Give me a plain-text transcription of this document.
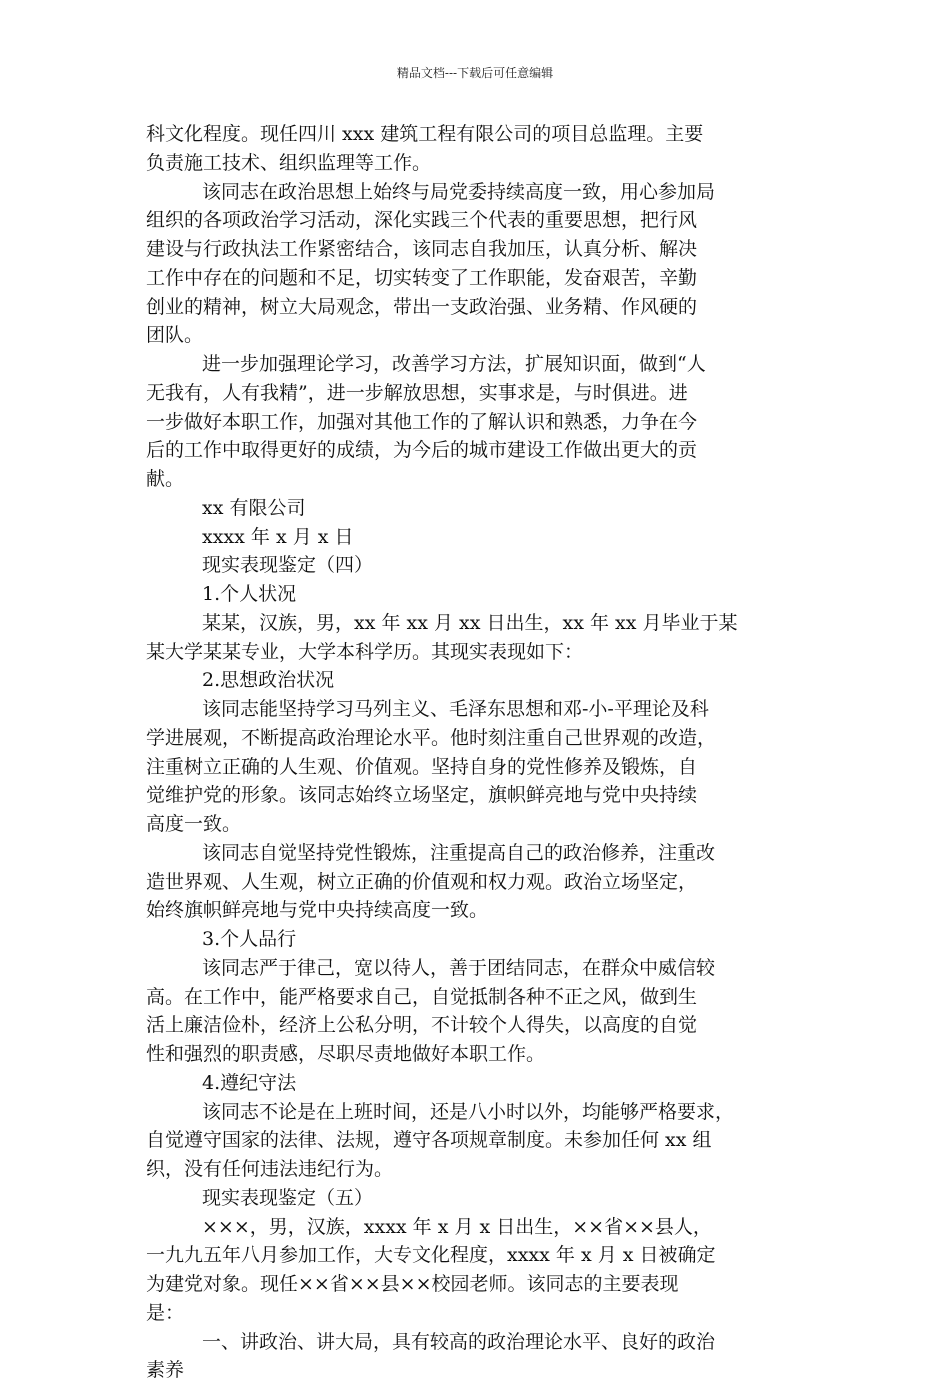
精品文档---下载后可任意编辑
科文化程度。现任四川 xxx 建筑工程有限公司的项目总监理。主要
负责施工技术、组织监理等工作。
该同志在政治思想上始终与局党委持续高度一致，用心参加局
组织的各项政治学习活动，深化实践三个代表的重要思想，把行风
建设与行政执法工作紧密结合，该同志自我加压，认真分析、解决
工作中存在的问题和不足，切实转变了工作职能，发奋艰苦，辛勤
创业的精神，树立大局观念，带出一支政治强、业务精、作风硬的
团队。
进一步加强理论学习，改善学习方法，扩展知识面，做到“人
无我有，人有我精”，进一步解放思想，实事求是，与时俱进。进
一步做好本职工作，加强对其他工作的了解认识和熟悉，力争在今
后的工作中取得更好的成绩，为今后的城市建设工作做出更大的贡
献。
xx 有限公司
xxxx 年 x 月 x 日
现实表现鉴定（四）
1.个人状况
某某，汉族，男，xx 年 xx 月 xx 日出生，xx 年 xx 月毕业于某
某大学某某专业，大学本科学历。其现实表现如下：
2.思想政治状况
该同志能坚持学习马列主义、毛泽东思想和邓-小-平理论及科
学进展观，不断提高政治理论水平。他时刻注重自己世界观的改造，
注重树立正确的人生观、价值观。坚持自身的党性修养及锻炼，自
觉维护党的形象。该同志始终立场坚定，旗帜鲜亮地与党中央持续
高度一致。
该同志自觉坚持党性锻炼，注重提高自己的政治修养，注重改
造世界观、人生观，树立正确的价值观和权力观。政治立场坚定，
始终旗帜鲜亮地与党中央持续高度一致。
3.个人品行
该同志严于律己，宽以待人，善于团结同志，在群众中威信较
高。在工作中，能严格要求自己，自觉抵制各种不正之风，做到生
活上廉洁俭朴，经济上公私分明，不计较个人得失，以高度的自觉
性和强烈的职责感，尽职尽责地做好本职工作。
4.遵纪守法
该同志不论是在上班时间，还是八小时以外，均能够严格要求，
自觉遵守国家的法律、法规，遵守各项规章制度。未参加任何 xx 组
织，没有任何违法违纪行为。
现实表现鉴定（五）
×××，男，汉族，xxxx 年 x 月 x 日出生，××省××县人，
一九九五年八月参加工作，大专文化程度，xxxx 年 x 月 x 日被确定
为建党对象。现任××省××县××校园老师。该同志的主要表现
是：
一、讲政治、讲大局，具有较高的政治理论水平、良好的政治
素养
